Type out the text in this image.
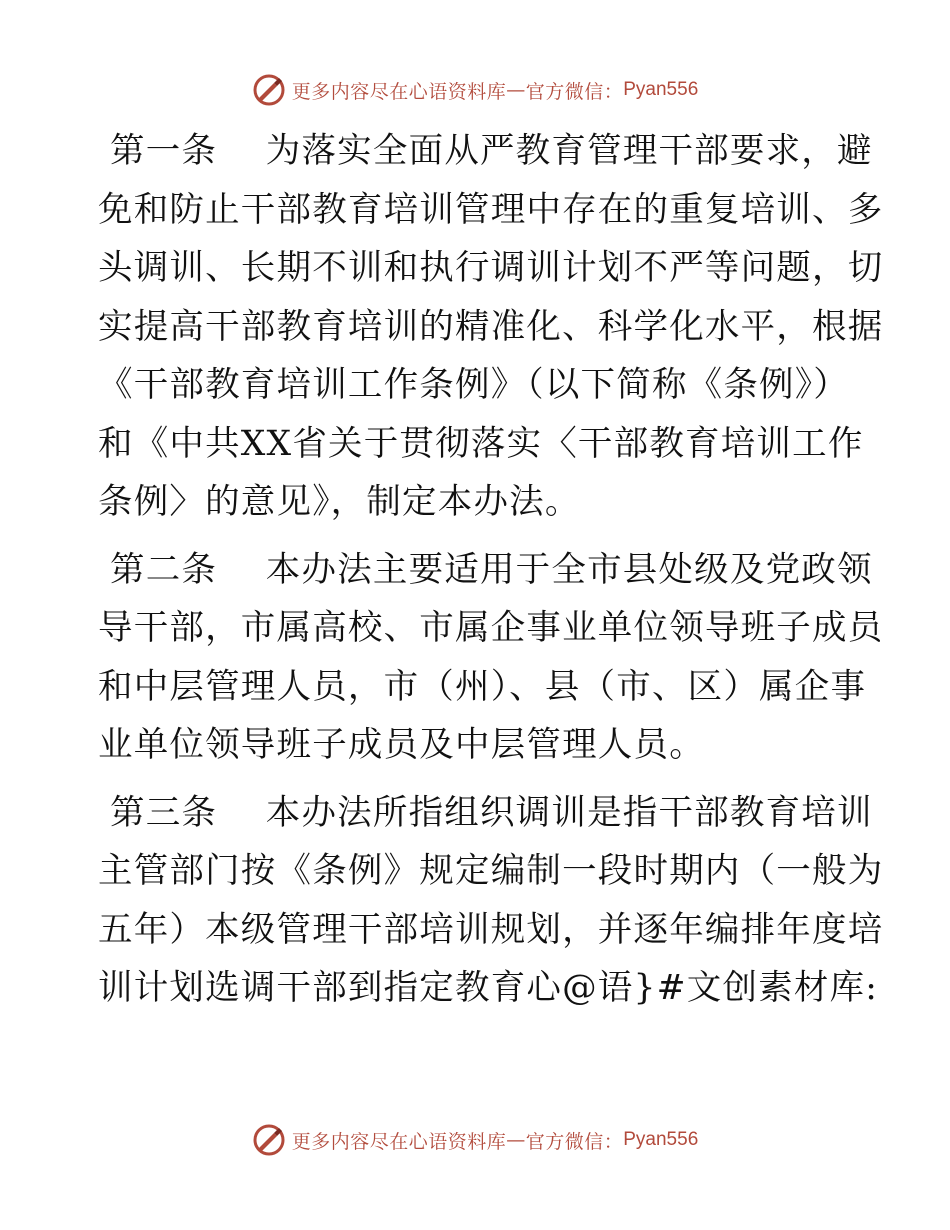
更多内容尽在心语资料库 — 官方微信： Pyan556

第一条 为落实全面从严教育管理干部要求，避
免和防止干部教育培训管理中存在的重复培训、多
头调训、长期不训和执行调训计划不严等问题，切
实提高干部教育培训的精准化、科学化水平，根据
《干部教育培训工作条例》（以下简称《条例》）
和《中共XX省关于贯彻落实〈干部教育培训工作
条例〉的意见》，制定本办法。

第二条 本办法主要适用于全市县处级及党政领
导干部，市属高校、市属企事业单位领导班子成员
和中层管理人员，市（州）、县（市、区）属企事
业单位领导班子成员及中层管理人员。

第三条 本办法所指组织调训是指干部教育培训
主管部门按《条例》规定编制一段时期内（一般为
五年）本级管理干部培训规划，并逐年编排年度培
训计划选调干部到指定教育心@语}#文创素材库:

更多内容尽在心语资料库 — 官方微信： Pyan556
